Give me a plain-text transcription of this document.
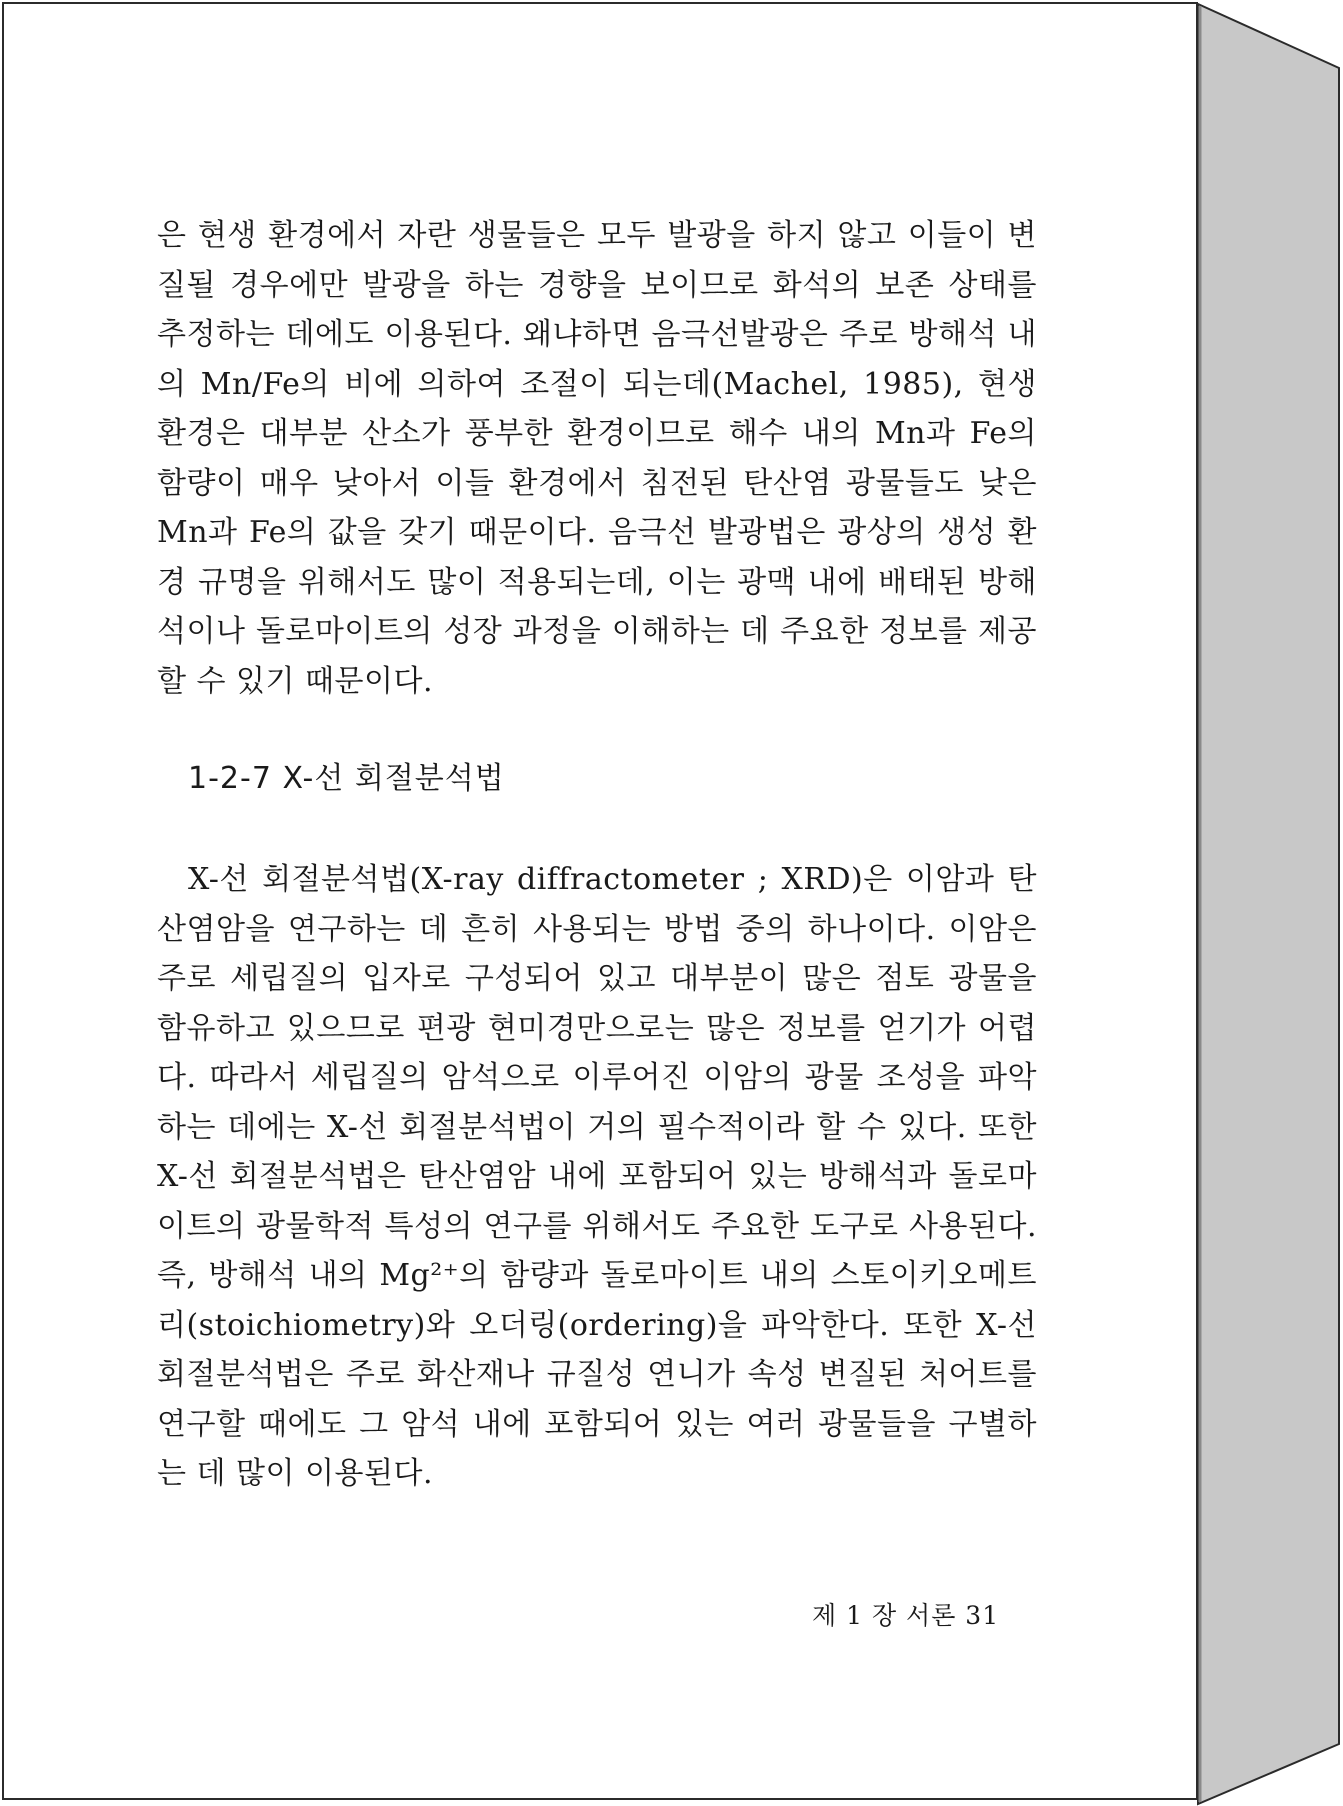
은 현생 환경에서 자란 생물들은 모두 발광을 하지 않고 이들이 변질될 경우에만 발광을 하는 경향을 보이므로 화석의 보존 상태를 추정하는 데에도 이용된다. 왜냐하면 음극선발광은 주로 방해석 내의 Mn/Fe의 비에 의하여 조절이 되는데(Machel, 1985), 현생 환경은 대부분 산소가 풍부한 환경이므로 해수 내의 Mn과 Fe의 함량이 매우 낮아서 이들 환경에서 침전된 탄산염 광물들도 낮은 Mn과 Fe의 값을 갖기 때문이다. 음극선 발광법은 광상의 생성 환경 규명을 위해서도 많이 적용되는데, 이는 광맥 내에 배태된 방해석이나 돌로마이트의 성장 과정을 이해하는 데 주요한 정보를 제공할 수 있기 때문이다.

1-2-7 X-선 회절분석법

X-선 회절분석법(X-ray diffractometer ; XRD)은 이암과 탄산염암을 연구하는 데 흔히 사용되는 방법 중의 하나이다. 이암은 주로 세립질의 입자로 구성되어 있고 대부분이 많은 점토 광물을 함유하고 있으므로 편광 현미경만으로는 많은 정보를 얻기가 어렵다. 따라서 세립질의 암석으로 이루어진 이암의 광물 조성을 파악하는 데에는 X-선 회절분석법이 거의 필수적이라 할 수 있다. 또한 X-선 회절분석법은 탄산염암 내에 포함되어 있는 방해석과 돌로마이트의 광물학적 특성의 연구를 위해서도 주요한 도구로 사용된다. 즉, 방해석 내의 Mg²⁺의 함량과 돌로마이트 내의 스토이키오메트리(stoichiometry)와 오더링(ordering)을 파악한다. 또한 X-선 회절분석법은 주로 화산재나 규질성 연니가 속성 변질된 처어트를 연구할 때에도 그 암석 내에 포함되어 있는 여러 광물들을 구별하는 데 많이 이용된다.

제 1 장 서론 31
